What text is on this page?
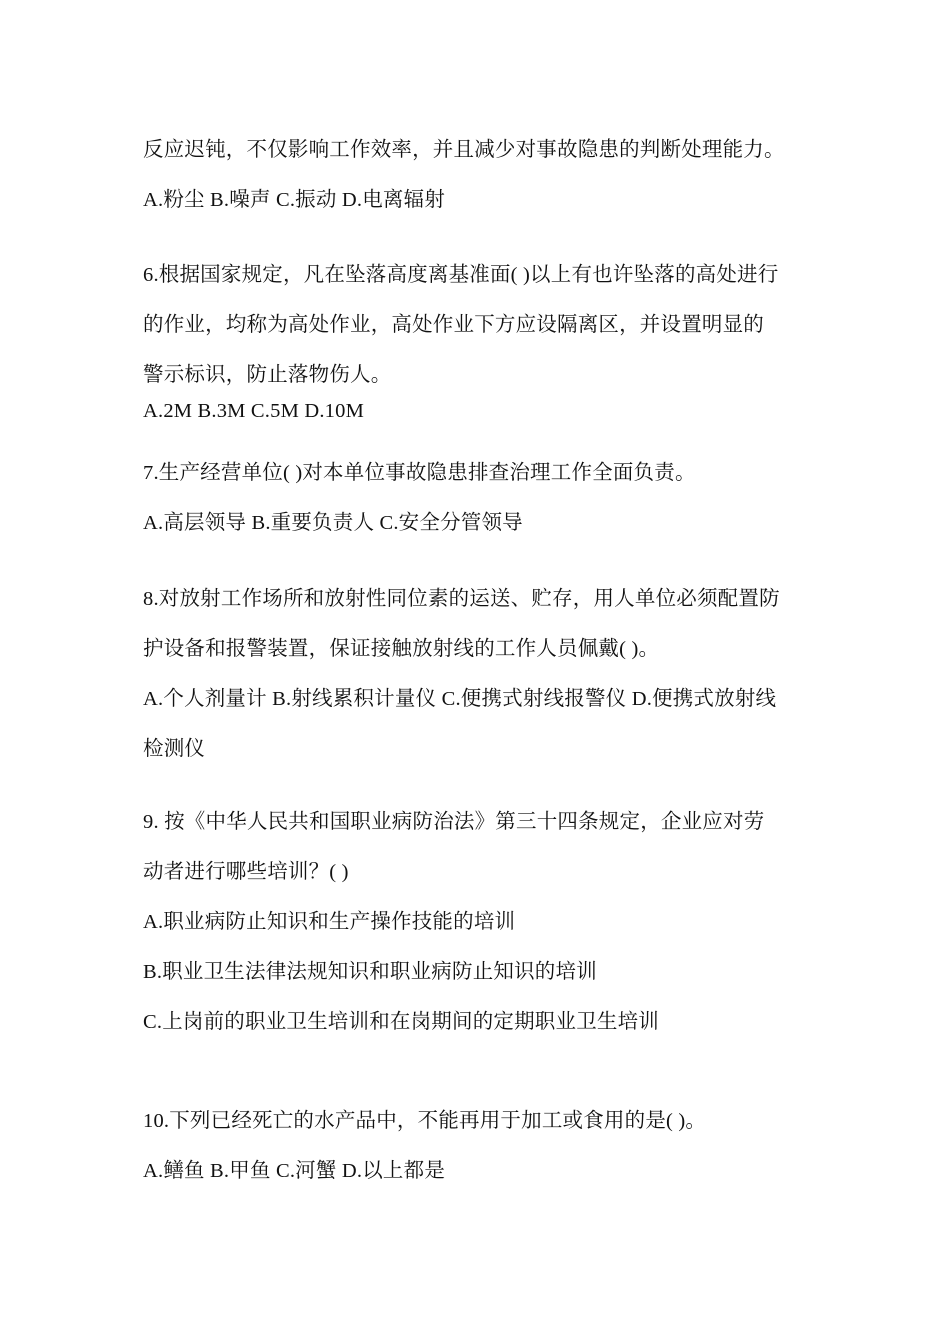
反应迟钝，不仅影响工作效率，并且减少对事故隐患的判断处理能力。
A.粉尘 B.噪声 C.振动 D.电离辐射
6.根据国家规定，凡在坠落高度离基准面( )以上有也许坠落的高处进行
的作业，均称为高处作业，高处作业下方应设隔离区，并设置明显的
警示标识，防止落物伤人。
A.2M B.3M C.5M D.10M
7.生产经营单位( )对本单位事故隐患排查治理工作全面负责。
A.高层领导 B.重要负责人 C.安全分管领导
8.对放射工作场所和放射性同位素的运送、贮存，用人单位必须配置防
护设备和报警装置，保证接触放射线的工作人员佩戴( )。
A.个人剂量计 B.射线累积计量仪 C.便携式射线报警仪 D.便携式放射线
检测仪
9. 按《中华人民共和国职业病防治法》第三十四条规定，企业应对劳
动者进行哪些培训？( )
A.职业病防止知识和生产操作技能的培训
B.职业卫生法律法规知识和职业病防止知识的培训
C.上岗前的职业卫生培训和在岗期间的定期职业卫生培训
10.下列已经死亡的水产品中，不能再用于加工或食用的是( )。
A.鳝鱼 B.甲鱼 C.河蟹 D.以上都是
